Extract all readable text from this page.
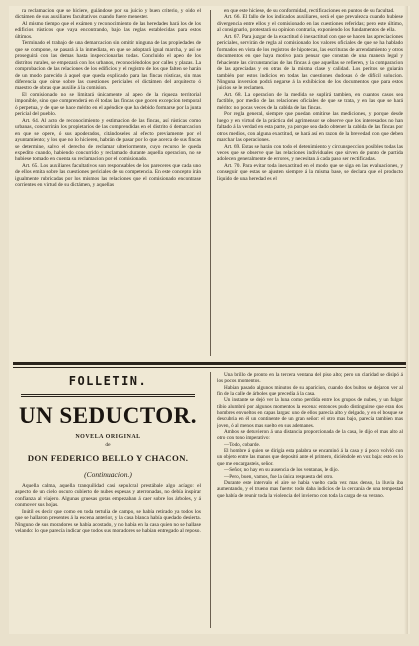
ra reclamacion que se hiciere, guiándose por su juicio y buen criterio, y oido el dictámen de sus auxiliares facultativos cuando fuere menester.

Al mismo tiempo que el exámen y reconocimiento de las heredades hará los de los edificios rústicos que vaya encontrando, bajo las reglas establecidas para estos últimos.

Terminado el trabajo de una demarcacion sin omitir ninguna de las propiedades de que se compone, se pasará á la inmediata, en que se adoptará igual marcha, y así se proseguirá con las demas hasta inspeccionarlas todas. Concluido el apeo de los distritos rurales, se empezará con los urbanos, reconociéndolos por calles y plazas. La comprobacion de las relaciones de los edificios y el registro de los que falten se harán de un modo parecido á aquel que queda explicado para las fincas rústicas, sin mas diferencia que oirse sobre las cuestiones periciales el dictámen del arquitecto ó maestro de obras que auxilie á la comision.

El comisionado no se limitará únicamente al apeo de la riqueza territorial imponible, sino que comprenderá en él todas las fincas que gocen excepcion temporal ó perpetua, y de que se hace mérito en el apéndice que ha debido formarse por la junta pericial del pueblo.

Art. 64. Al acto de reconocimiento y estimacion de las fincas, así rústicas como urbanas, concurrirán los propietarios de las comprendidas en el distrito ó demarcacion en que se opere, ó sus apoderados, citándoseles al efecto previamente por el ayuntamiento; y los que no lo hicieren, habrán de pasar por lo que acerca de sus fincas se determine, salvo el derecho de reclamar ulteriormente, cuyo recurso le queda expedito cuando, habiendo concurrido y reclamado durante aquella operacion, no se hubiese tomado en cuenta su reclamacion por el comisionado.

Art. 65. Los auxiliares facultativos son responsables de los pareceres que cada uno de ellos emita sobre las cuestiones periciales de su competencia. En este concepto irán igualmente rubricadas por los mismos las relaciones que el comisionado encontrase corrientes en virtud de su dictámen, y aquellas

en que este hiciese, de su conformidad, rectificaciones en puntos de su facultad.

Art. 66. El fallo de los indicados auxiliares, será el que prevalezca cuando hubiese divergencia entre ellos y el comisionado en las cuestiones referidas; pero este último, al consignarlo, protestará su opinion contraria, exponiendo los fundamentos de ella.

Art. 67. Para juzgar de la exactitud ó inexactitud con que se hacen las apreciaciones periciales, servirán de regla al comisionado los valores oficiales de que se ha hablado formados en vista de los registros de hipotecas, las escrituras de arrendamiento y otros documentos en que haya motivo para pensar que constan de una manera legal y fehaciente las circunstancias de las fincas á que aquellas se refieren, y la comparacion de las apreciadas y en otras de la misma clase y calidad. Los peritos se guiarán también por estos indicios en todas las cuestiones dudosas ó de difícil solucion. Ninguna inversion podrá negarse á la exhibicion de los documentos que para estos juicios se le reclamen.

Art. 68. La operacion de la medida se suplirá tambien, en cuantos casos sea factible, por medio de las relaciones oficiales de que se trata, y en las que se hará mérito: no pocas veces de la cabida de las fincas.

Por regla general, siempre que puedan omitirse las mediciones, y porque desde luego y en virtud de la práctica del agrimensor se observe que los interesados no han faltado á la verdad en esta parte, ya porque sea dado obtener la cabida de las fincas por otros medios, con alguna exactitud, se hará así en razon de la brevedad con que deben marchar las operaciones.

Art. 69. Estas se harán con todo el detenimiento y circunspeccion posibles todas las veces que se observe que las relaciones individuales que sirven de punto de partida adolecen generalmente de errores, y necesitan á cada paso ser rectificadas.

Art. 70. Para evitar toda inexactitud en el modo que se siga en las evaluaciones, y conseguir que estas se ajusten siempre á la misma base, se declara que el producto líquido de una heredad es el

FOLLETIN.
UN SEDUCTOR.
NOVELA ORIGINAL
de
DON FEDERICO BELLO Y CHACON.
(Continuacion.)

Aquella calma, aquella tranquilidad casi sepulcral prestábale algo acíago: el aspecto de un cielo oscuro cubierto de nubes espesas y aterronadas, no debía inspirar confianza al viajero. Algunas gruesas gotas empezaban á caer sobre los árboles, y á conmover sus hojas.

Inútil es decir que como en toda tertulia de campo, se había retirado ya todos los que se hallaron presentes á la escena anterior, y la casa blanca había quedado desierta. Ninguno de sus moradores se había acostado, y no había en la casa quien no se hallase velando: lo que parecía indicar que todos sus moradores se habían entregado al reposo.

Una brillo de pronto en la tercera ventana del piso alto; pero un claridad se disipó á los pocos momentos.

Habían pasado algunos minutos de su aparicion, cuando dos bultos se dejaron ver al fin de la calle de árboles que precedía á la casa.

Un instante se dejó ver la luna como perdida entre los grupos de nubes, y un fulgor tibio alumbró por algunos momentos la escena: entonces pudo distinguirse que eran dos hombres envueltos en capas largas: uno de ellos parecía alto y delgado, y en el bosque se descubria en él un continente de un gran señor: el otro mas bajo, parecía tambien mas joven, ó al menos mas suelto en sus ademanes.

Ambos se detuvieron á una distancia proporcionada de la casa, le dijo el mas alto al otro con tono imperativo:

—Todo, cobarde.

El hombre á quien se dirigía esta palabra se encaminó á la casa y á poco volvió con un objeto entre las manos que depositó ante el primero, diciéndole en voz baja: esto es lo que me encargasteis, señor.

—Señor, no hay en su ausencia de los ventanas, le dijo.

—Pero, buen, vamos, fue la única respuesta del otro.

Durante este intervalo el aire se había vuelto cada vez mas denso, la lluvia iba aumentando, y el trueno mas fuerte: todo daba indicios de la cercanía de una tempestad que había de reunir toda la violencia del invierno con toda la carga de su verano.
